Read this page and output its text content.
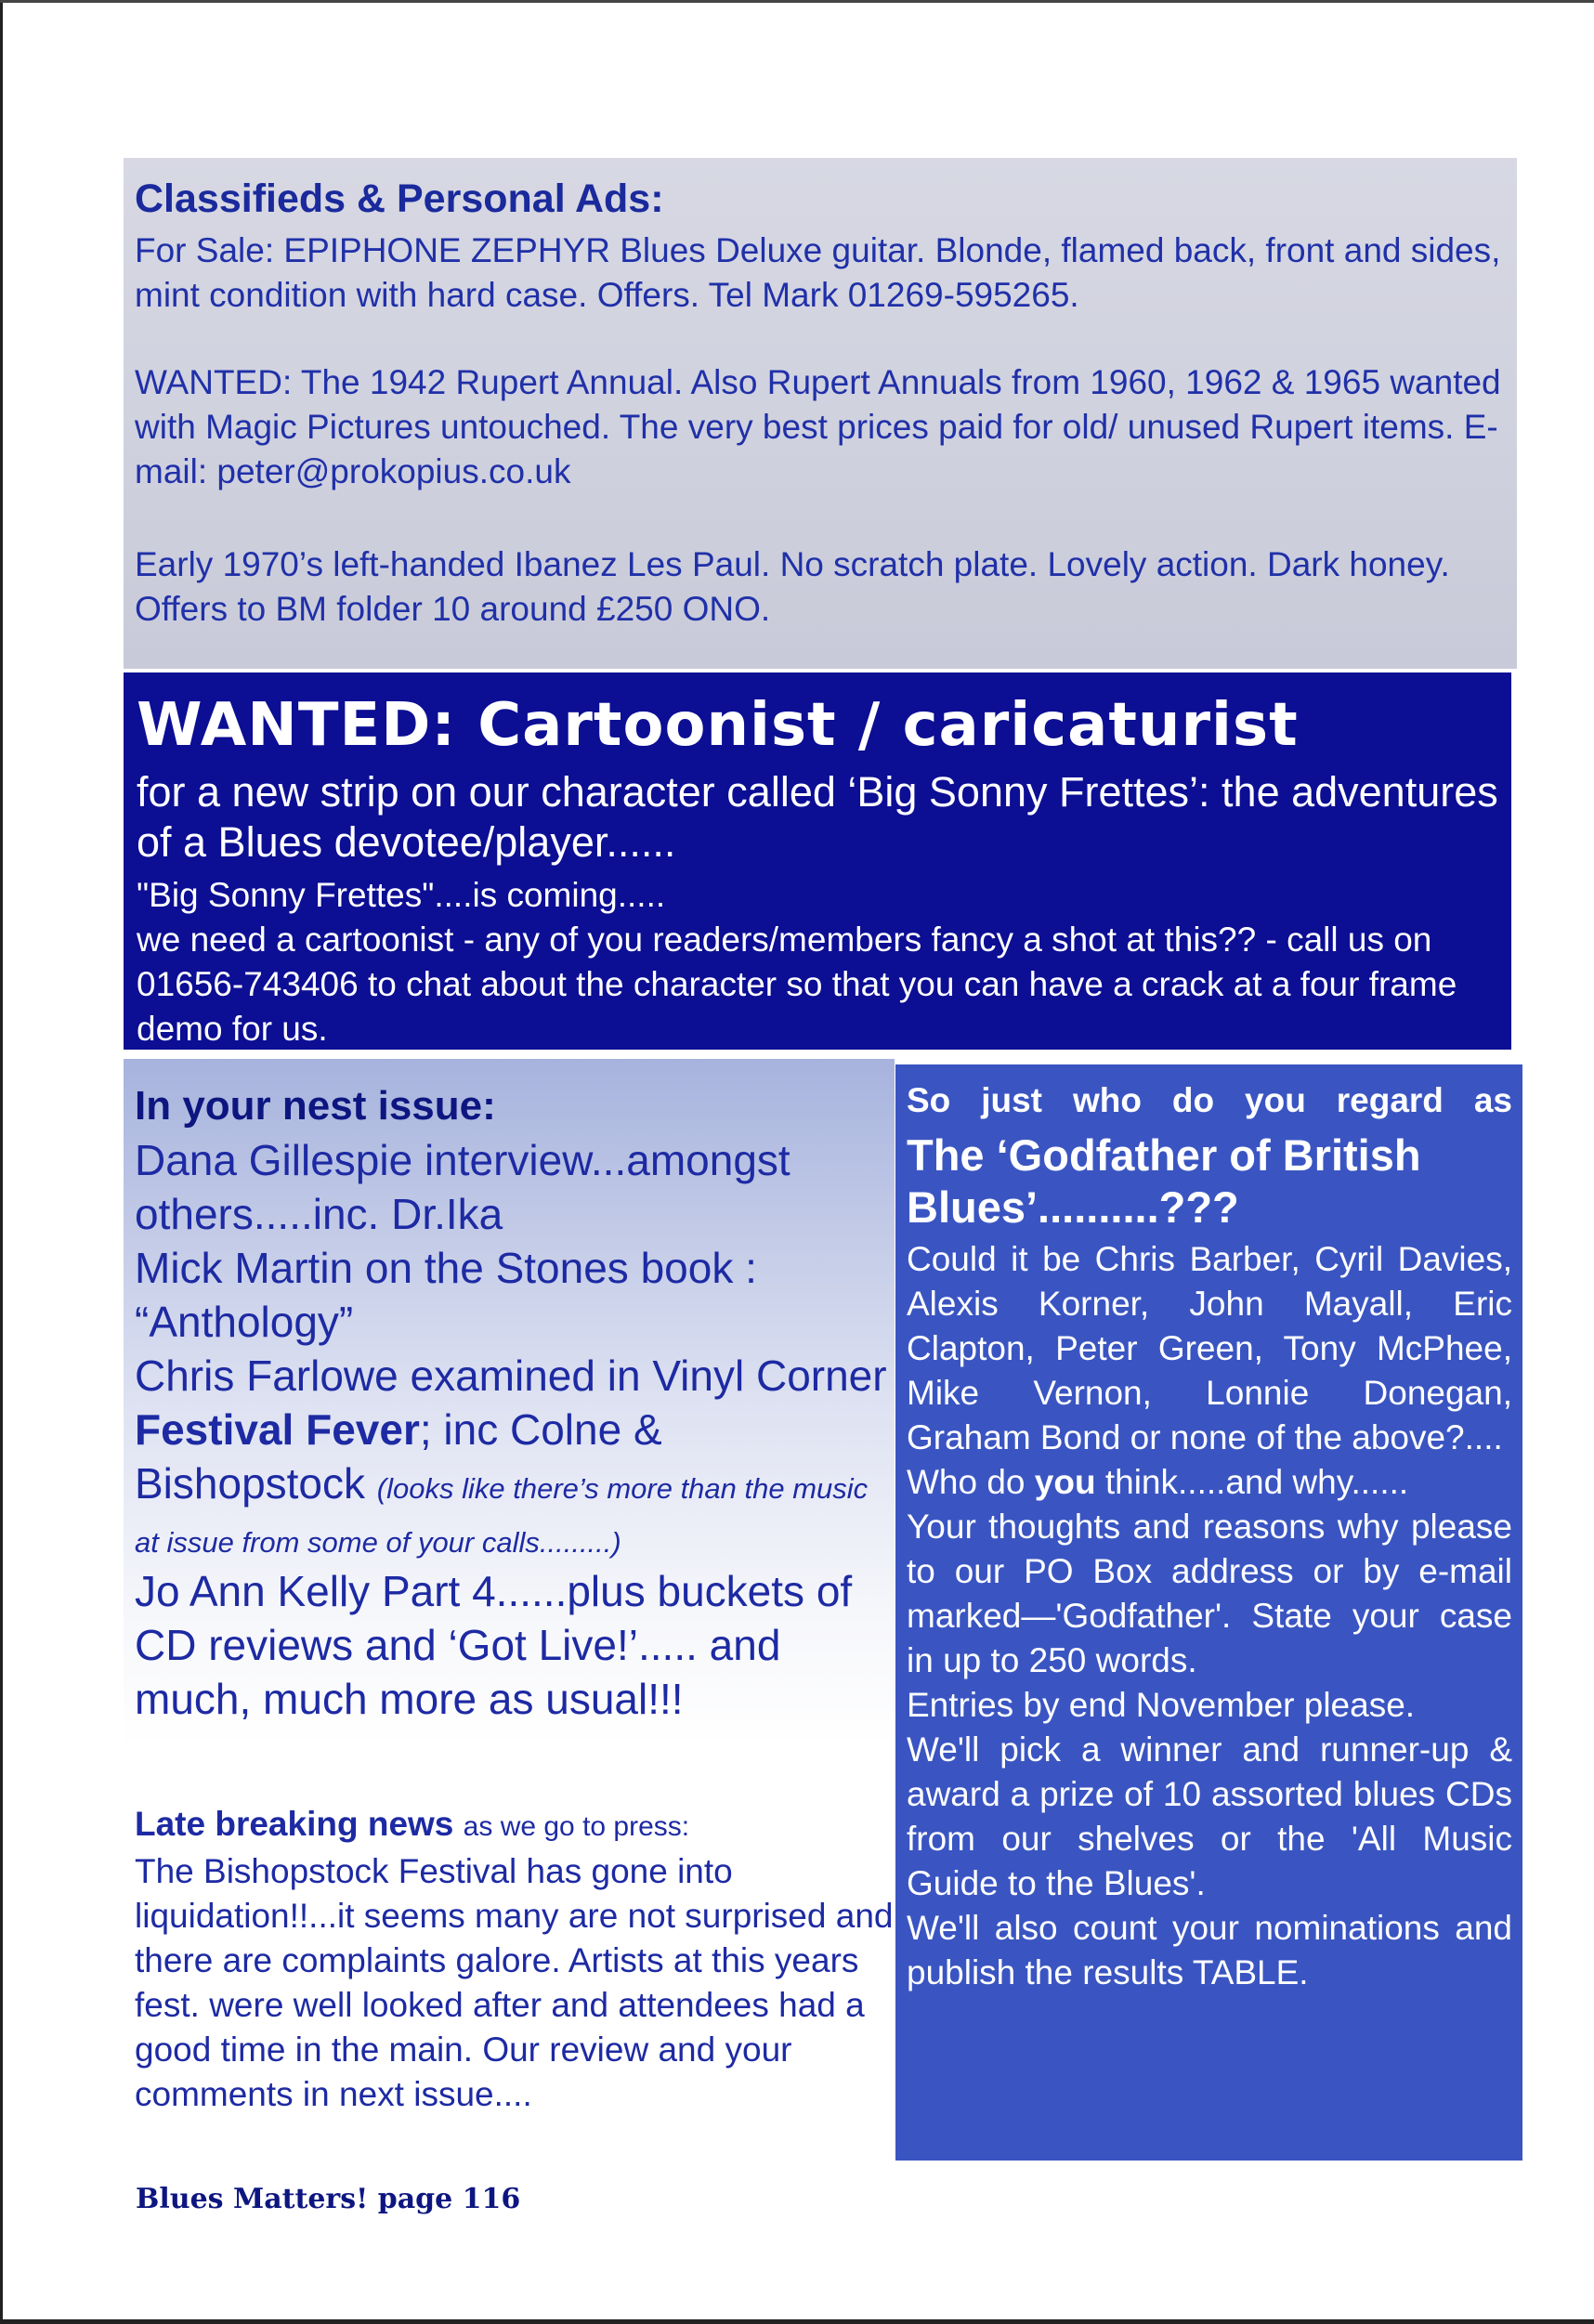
Classifieds & Personal Ads:
For Sale: EPIPHONE ZEPHYR Blues Deluxe guitar. Blonde, flamed back, front and sides, mint condition with hard case. Offers. Tel Mark 01269-595265.
WANTED: The 1942 Rupert Annual. Also Rupert Annuals from 1960, 1962 & 1965 wanted with Magic Pictures untouched. The very best prices paid for old/ unused Rupert items. E-mail: peter@prokopius.co.uk
Early 1970’s left-handed Ibanez Les Paul. No scratch plate. Lovely action. Dark honey. Offers to BM folder 10 around £250 ONO.
WANTED: Cartoonist / caricaturist
for a new strip on our character called ‘Big Sonny Frettes’: the adventures of a Blues devotee/player......
"Big Sonny Frettes"....is coming.....
we need a cartoonist - any of you readers/members fancy a shot at this?? - call us on 01656-743406 to chat about the character so that you can have a crack at a four frame demo for us.
In your nest issue:
Dana Gillespie interview...amongst others.....inc. Dr.Ika
Mick Martin on the Stones book : “Anthology”
Chris Farlowe examined in Vinyl Corner
Festival Fever; inc Colne & Bishopstock (looks like there’s more than the music at issue from some of your calls.........)
Jo Ann Kelly Part 4......plus buckets of CD reviews and ‘Got Live!’..... and much, much more as usual!!!
Late breaking news as we go to press:
The Bishopstock Festival has gone into liquidation!!...it seems many are not surprised and there are complaints galore. Artists at this years fest. were well looked after and attendees had a good time in the main. Our review and your comments in next issue....
So just who do you regard as
The ‘Godfather of British Blues’..........???
Could it be Chris Barber, Cyril Davies, Alexis Korner, John Mayall, Eric Clapton, Peter Green, Tony McPhee, Mike Vernon, Lonnie Donegan, Graham Bond or none of the above?....
Who do you think.....and why......
Your thoughts and reasons why please to our PO Box address or by e-mail marked—'Godfather'. State your case in up to 250 words.
Entries by end November please.
We'll pick a winner and runner-up & award a prize of 10 assorted blues CDs from our shelves or the 'All Music Guide to the Blues'.
We'll also count your nominations and publish the results TABLE.
Blues Matters! page 116
